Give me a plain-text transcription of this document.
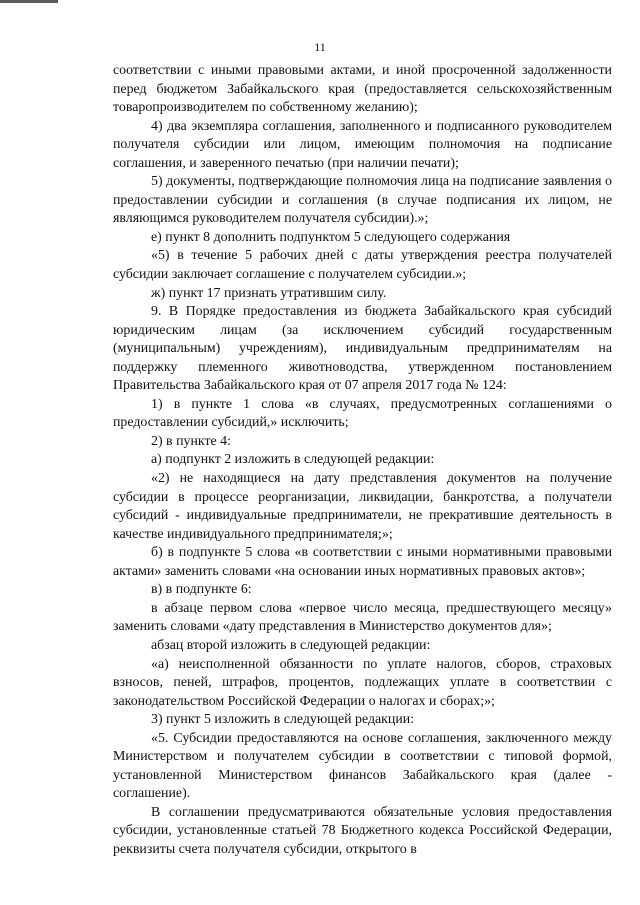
11

соответствии с иными правовыми актами, и иной просроченной задолженности перед бюджетом Забайкальского края (предоставляется сельскохозяйственным товаропроизводителем по собственному желанию);

4) два экземпляра соглашения, заполненного и подписанного руководителем получателя субсидии или лицом, имеющим полномочия на подписание соглашения, и заверенного печатью (при наличии печати);

5) документы, подтверждающие полномочия лица на подписание заявления о предоставлении субсидии и соглашения (в случае подписания их лицом, не являющимся руководителем получателя субсидии).»;

е) пункт 8 дополнить подпунктом 5 следующего содержания

«5) в течение 5 рабочих дней с даты утверждения реестра получателей субсидии заключает соглашение с получателем субсидии.»;

ж) пункт 17 признать утратившим силу.

9. В Порядке предоставления из бюджета Забайкальского края субсидий юридическим лицам (за исключением субсидий государственным (муниципальным) учреждениям), индивидуальным предпринимателям на поддержку племенного животноводства, утвержденном постановлением Правительства Забайкальского края от 07 апреля 2017 года № 124:

1) в пункте 1 слова «в случаях, предусмотренных соглашениями о предоставлении субсидий,» исключить;

2) в пункте 4:

а) подпункт 2 изложить в следующей редакции:

«2) не находящиеся на дату представления документов на получение субсидии в процессе реорганизации, ликвидации, банкротства, а получатели субсидий - индивидуальные предприниматели, не прекратившие деятельность в качестве индивидуального предпринимателя;»;

б) в подпункте 5 слова «в соответствии с иными нормативными правовыми актами» заменить словами «на основании иных нормативных правовых актов»;

в) в подпункте 6:

в абзаце первом слова «первое число месяца, предшествующего месяцу» заменить словами «дату представления в Министерство документов для»;

абзац второй изложить в следующей редакции:

«а) неисполненной обязанности по уплате налогов, сборов, страховых взносов, пеней, штрафов, процентов, подлежащих уплате в соответствии с законодательством Российской Федерации о налогах и сборах;»;

3) пункт 5 изложить в следующей редакции:

«5. Субсидии предоставляются на основе соглашения, заключенного между Министерством и получателем субсидии в соответствии с типовой формой, установленной Министерством финансов Забайкальского края (далее - соглашение).

В соглашении предусматриваются обязательные условия предоставления субсидии, установленные статьей 78 Бюджетного кодекса Российской Федерации, реквизиты счета получателя субсидии, открытого в
